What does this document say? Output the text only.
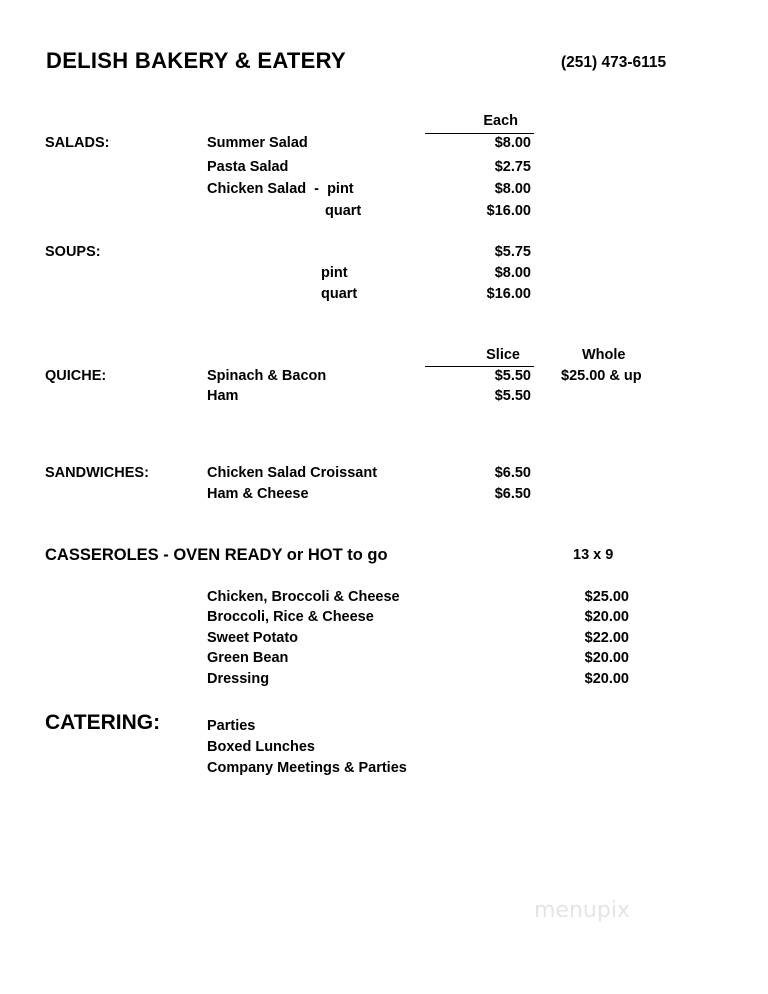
DELISH BAKERY & EATERY	(251) 473-6115
Each
SALADS:	Summer Salad	$8.00
Pasta Salad	$2.75
Chicken Salad  -  pint	$8.00
quart	$16.00
SOUPS:	$5.75
pint	$8.00
quart	$16.00
Slice	Whole
QUICHE:	Spinach & Bacon	$5.50 $25.00 & up
Ham	$5.50
SANDWICHES:	Chicken Salad Croissant	$6.50
Ham & Cheese	$6.50
CASSEROLES - OVEN READY or HOT to go	13 x 9
Chicken, Broccoli & Cheese	$25.00
Broccoli, Rice & Cheese	$20.00
Sweet Potato	$22.00
Green Bean	$20.00
Dressing	$20.00
CATERING:	Parties
Boxed Lunches
Company Meetings & Parties
menupix
